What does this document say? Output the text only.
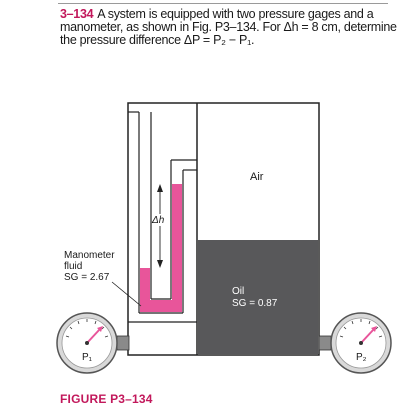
3–134 A system is equipped with two pressure gages and a manometer, as shown in Fig. P3–134. For Δh = 8 cm, determine the pressure difference ΔP = P₂ − P₁.
Air
Oil
SG = 0.87
Manometer
fluid
SG = 2.67
Δh
P₁	P₂
FIGURE P3–134
